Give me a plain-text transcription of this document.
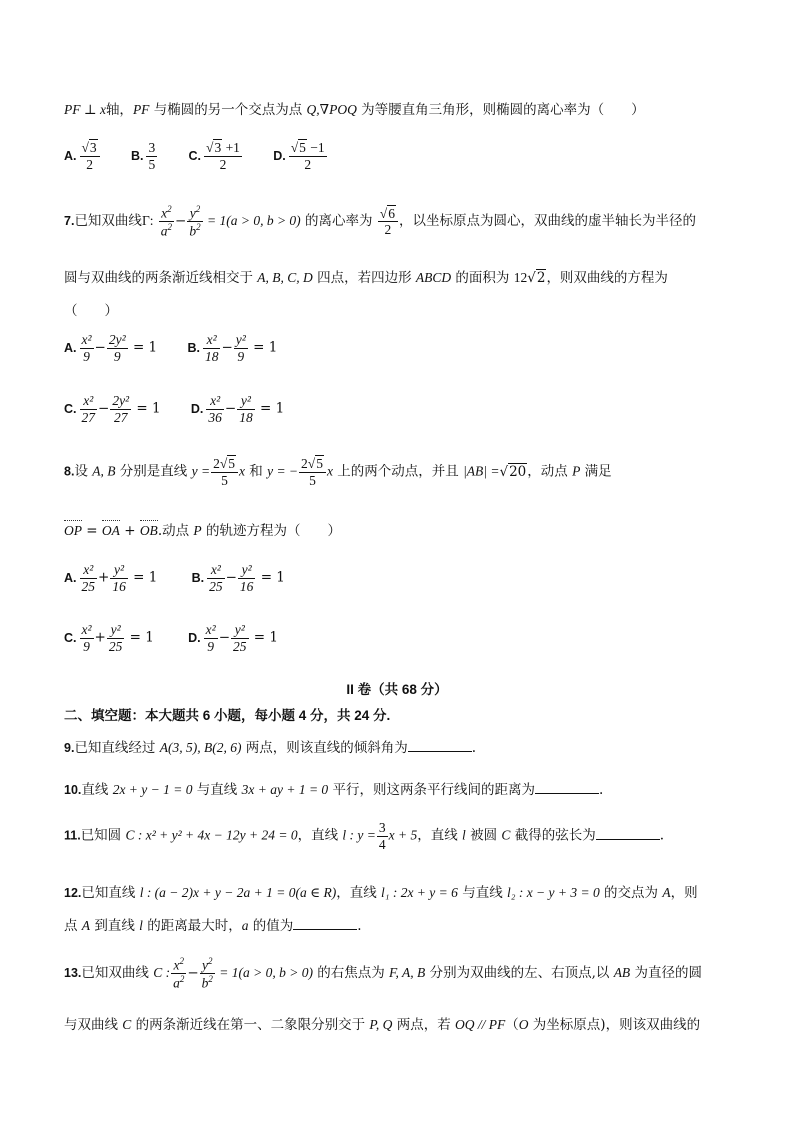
PF ⊥ x轴，PF 与椭圆的另一个交点为点 Q,∇POQ 为等腰直角三角形，则椭圆的离心率为（　　）
A. $\frac{√3}{2}$	B. $\frac{3}{5}$	C. $\frac{√3 +1}{2}$	D. $\frac{√5 -1}{2}$
7.已知双曲线Γ: $\frac{x^2}{a^2} - \frac{y^2}{b^2} = 1(a > 0$, b > 0) 的离心率为 $\frac{√6}{2}$ ，以坐标原点为圆心，双曲线的虚半轴长为半径的
圆与双曲线的两条渐近线相交于 A, B, C, D 四点，若四边形 ABCD 的面积为 12√2，则双曲线的方程为
（　　）
A. $\frac{\text{x²}}{9} - \frac{\text{2y²}}{9} = 1$ B. $\frac{\text{x²}}{18} - \frac{\text{y²}}{9} = 1$
C. $\frac{\text{x²}}{27} - \frac{\text{2y²}}{27} = 1$ D. $\frac{\text{x²}}{36} - \frac{\text{y²}}{18} = 1$
8.设 A, B 分别是直线 $y = \frac{2√5}{5}$ x 和 y = − $\frac{2√5}{5}$ x 上的两个动点，并且 |AB| =√20，动点 P 满足
OP = OA + OB.动点 P 的轨迹方程为（　　）
A. $\frac{\text{x²}}{25} + \frac{\text{y²}}{16} = 1$	B. $\frac{\text{x²}}{25} - \frac{\text{y²}}{16} = 1$
C. $\frac{\text{x²}}{9} + \frac{\text{y²}}{25} = 1$	D. $\frac{\text{x²}}{9} - \frac{\text{y²}}{25} = 1$
II 卷（共 68 分）
二、填空题：本大题共 6 小题，每小题 4 分，共 24 分.
9.已知直线经过 A(3, 5), B(2, 6) 两点，则该直线的倾斜角为	.
10.直线 2x + y − 1 = 0 与直线 3x + ay + 1 = 0 平行，则这两条平行线间的距离为	.
11.已知圆 C : x² + y² + 4x − 12y + 24 = 0，直线 l : $y = \frac{3}{4}$ x + 5，直线 l 被圆 C 截得的弦长为	.
12.已知直线 l : (a − 2)x + y − 2a + 1 = 0(a ∈ R)，直线 l₁ : 2x + y = 6 与直线 l₂ : x − y + 3 = 0 的交点为 A，则
点 A 到直线 l 的距离最大时，a 的值为	.
13.已知双曲线 C : $\frac{x^2}{a^2} - \frac{y^2}{b^2} = 1(a > 0$, b > 0) 的右焦点为 F, A, B 分别为双曲线的左、右顶点,以 AB 为直径的圆
与双曲线 C 的两条渐近线在第一、二象限分别交于 P, Q 两点，若 OQ // PF（O 为坐标原点)，则该双曲线的
